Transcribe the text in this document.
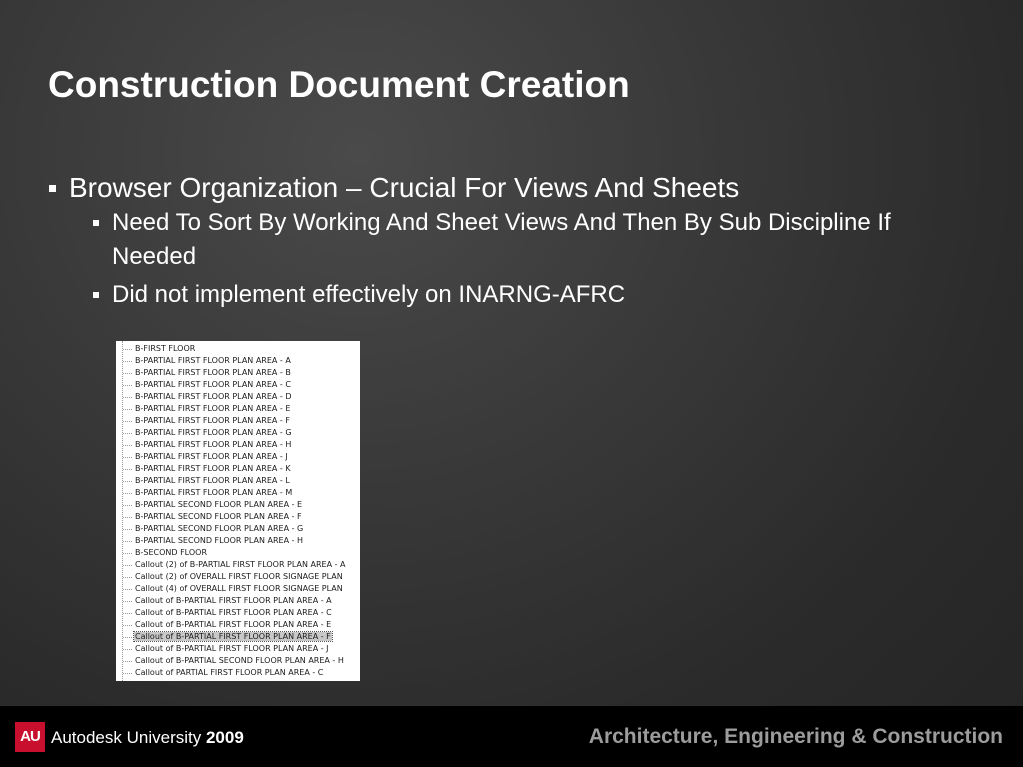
Construction Document Creation
Browser Organization – Crucial For Views And Sheets
Need To Sort By Working And Sheet Views And Then By Sub Discipline If Needed
Did not implement effectively on INARNG-AFRC
B-FIRST FLOOR
B-PARTIAL FIRST FLOOR PLAN AREA - A
B-PARTIAL FIRST FLOOR PLAN AREA - B
B-PARTIAL FIRST FLOOR PLAN AREA - C
B-PARTIAL FIRST FLOOR PLAN AREA - D
B-PARTIAL FIRST FLOOR PLAN AREA - E
B-PARTIAL FIRST FLOOR PLAN AREA - F
B-PARTIAL FIRST FLOOR PLAN AREA - G
B-PARTIAL FIRST FLOOR PLAN AREA - H
B-PARTIAL FIRST FLOOR PLAN AREA - J
B-PARTIAL FIRST FLOOR PLAN AREA - K
B-PARTIAL FIRST FLOOR PLAN AREA - L
B-PARTIAL FIRST FLOOR PLAN AREA - M
B-PARTIAL SECOND FLOOR PLAN AREA - E
B-PARTIAL SECOND FLOOR PLAN AREA - F
B-PARTIAL SECOND FLOOR PLAN AREA - G
B-PARTIAL SECOND FLOOR PLAN AREA - H
B-SECOND FLOOR
Callout (2) of B-PARTIAL FIRST FLOOR PLAN AREA - A
Callout (2) of OVERALL FIRST FLOOR SIGNAGE PLAN
Callout (4) of OVERALL FIRST FLOOR SIGNAGE PLAN
Callout of B-PARTIAL FIRST FLOOR PLAN AREA - A
Callout of B-PARTIAL FIRST FLOOR PLAN AREA - C
Callout of B-PARTIAL FIRST FLOOR PLAN AREA - E
Callout of B-PARTIAL FIRST FLOOR PLAN AREA - F
Callout of B-PARTIAL FIRST FLOOR PLAN AREA - J
Callout of B-PARTIAL SECOND FLOOR PLAN AREA - H
Callout of PARTIAL FIRST FLOOR PLAN AREA - C
AU Autodesk University 2009	Architecture, Engineering & Construction
